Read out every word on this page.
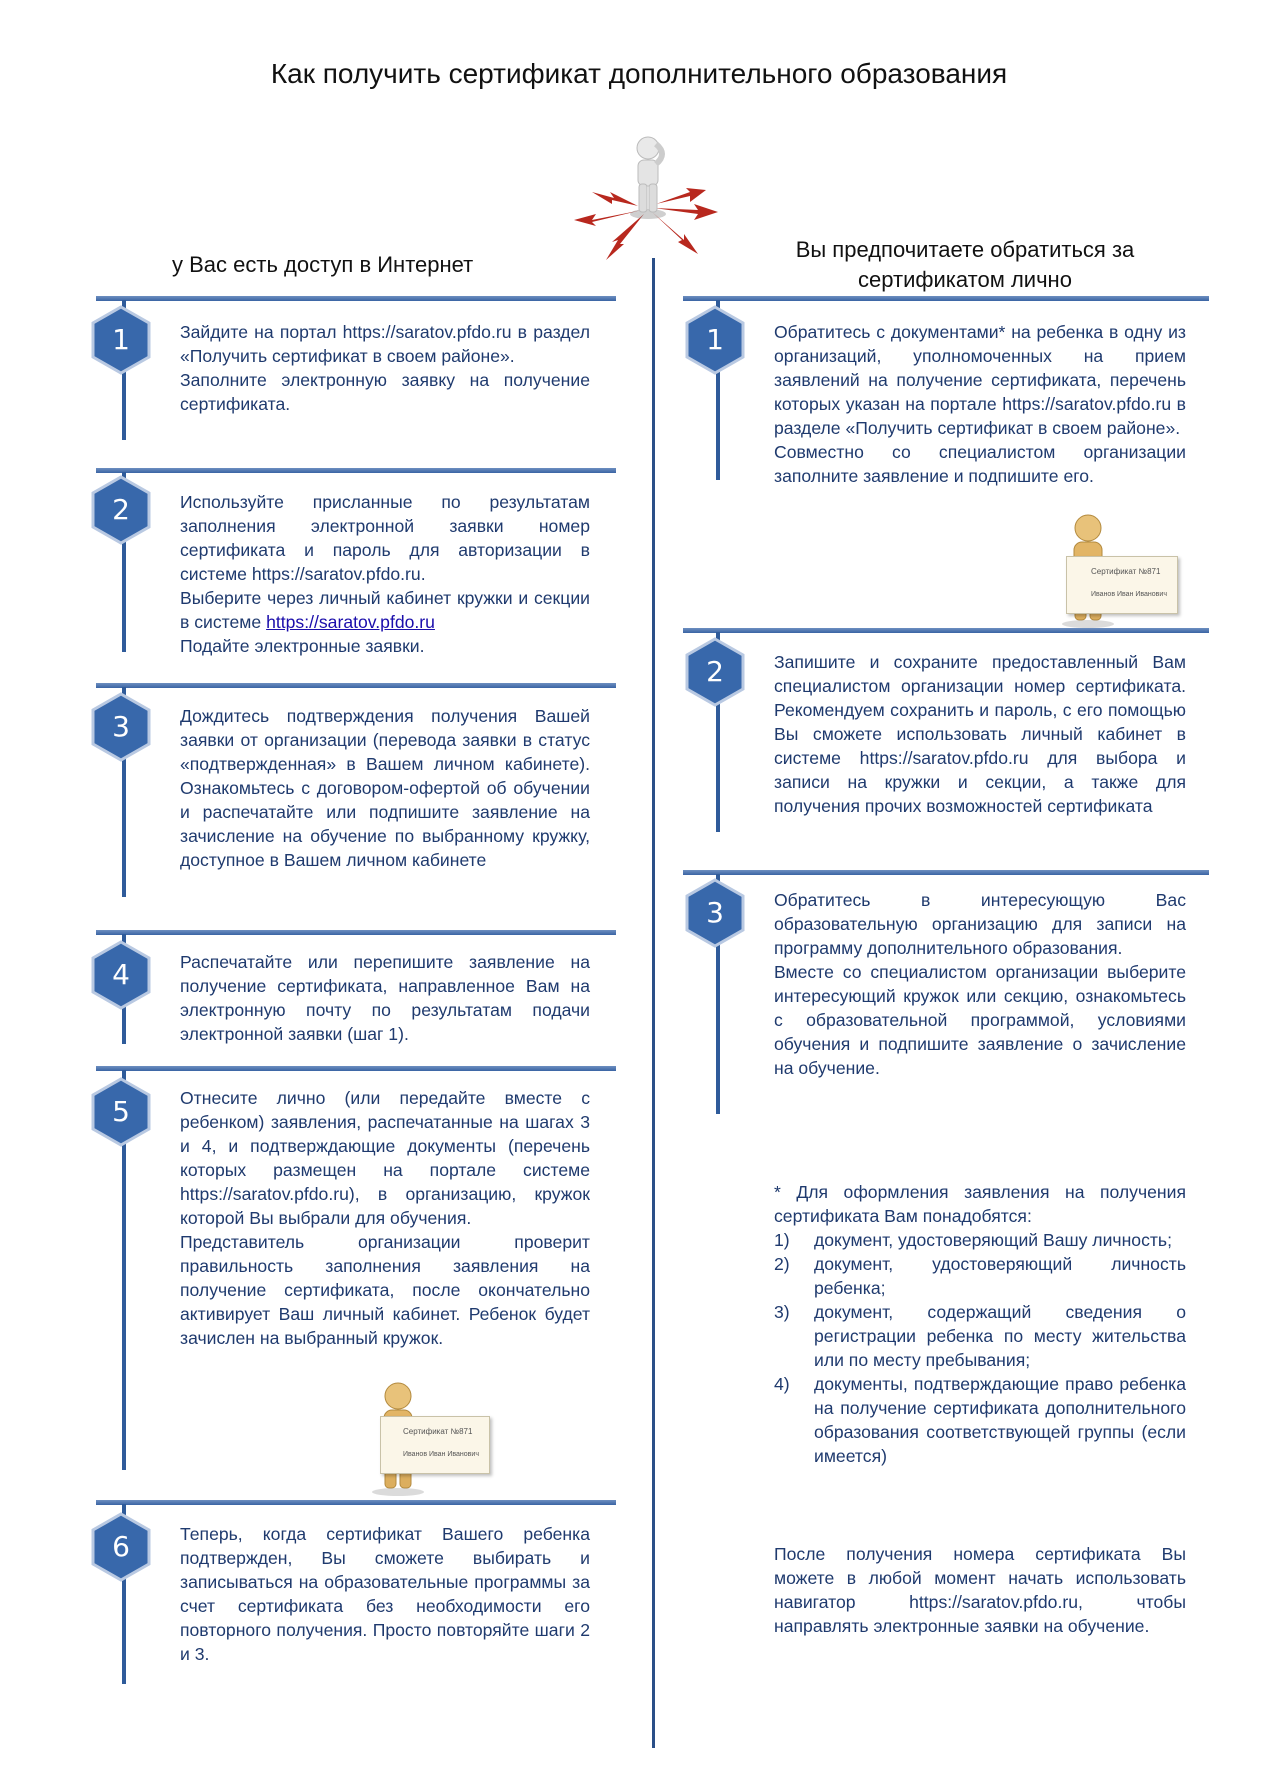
Как получить сертификат дополнительного образования
у Вас есть доступ в Интернет
Вы предпочитаете обратиться за сертификатом лично
1
2
3
4
5
6
1
2
3

Зайдите на портал https://saratov.pfdo.ru в раздел «Получить сертификат в своем районе».

Заполните электронную заявку на получение сертификата.

Используйте присланные по результатам заполнения электронной заявки номер сертификата и пароль для авторизации в системе https://saratov.pfdo.ru.

Выберите через личный кабинет кружки и секции в системе https://saratov.pfdo.ru

Подайте электронные заявки.

Дождитесь подтверждения получения Вашей заявки от организации (перевода заявки в статус «подтвержденная» в Вашем личном кабинете). Ознакомьтесь с договором-офертой об обучении и распечатайте или подпишите заявление на зачисление на обучение по выбранному кружку, доступное в Вашем личном кабинете

Распечатайте или перепишите заявление на получение сертификата, направленное Вам на электронную почту по результатам подачи электронной заявки (шаг 1).

Отнесите лично (или передайте вместе с ребенком) заявления, распечатанные на шагах 3 и 4, и подтверждающие документы (перечень которых размещен на портале системе https://saratov.pfdo.ru), в организацию, кружок которой Вы выбрали для обучения.

Представитель организации проверит правильность заполнения заявления на получение сертификата, после окончательно активирует Ваш личный кабинет. Ребенок будет зачислен на выбранный кружок.

Теперь, когда сертификат Вашего ребенка подтвержден, Вы сможете выбирать и записываться на образовательные программы за счет сертификата без необходимости его повторного получения. Просто повторяйте шаги 2 и 3.

Обратитесь с документами* на ребенка в одну из организаций, уполномоченных на прием заявлений на получение сертификата, перечень которых указан на портале https://saratov.pfdo.ru в разделе «Получить сертификат в своем районе».

Совместно со специалистом организации заполните заявление и подпишите его.

Запишите и сохраните предоставленный Вам специалистом организации номер сертификата. Рекомендуем сохранить и пароль, с его помощью Вы сможете использовать личный кабинет в системе https://saratov.pfdo.ru для выбора и записи на кружки и секции, а также для получения прочих возможностей сертификата

Обратитесь в интересующую Вас образовательную организацию для записи на программу дополнительного образования.

Вместе со специалистом организации выберите интересующий кружок или секцию, ознакомьтесь с образовательной программой, условиями обучения и подпишите заявление о зачисление на обучение.

* Для оформления заявления на получения сертификата Вам понадобятся:

1) документ, удостоверяющий Вашу личность;
2) документ, удостоверяющий личность ребенка;
3) документ, содержащий сведения о регистрации ребенка по месту жительства или по месту пребывания;
4) документы, подтверждающие право ребенка на получение сертификата дополнительного образования соответствующей группы (если имеется)
После получения номера сертификата Вы можете в любой момент начать использовать навигатор https://saratov.pfdo.ru, чтобы направлять электронные заявки на обучение.
Сертификат №871
Иванов Иван Иванович
Сертификат №871
Иванов Иван Иванович
